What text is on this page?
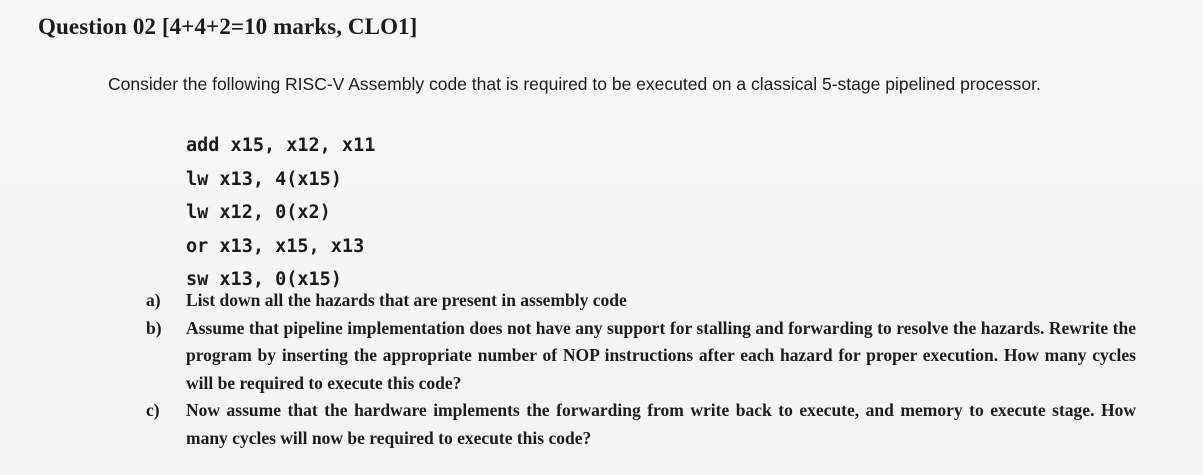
Question 02 [4+4+2=10 marks, CLO1]
Consider the following RISC-V Assembly code that is required to be executed on a classical 5-stage pipelined processor.
add x15, x12, x11
lw x13, 4(x15)
lw x12, 0(x2)
or x13, x15, x13
sw x13, 0(x15)
a)	List down all the hazards that are present in assembly code
b)	Assume that pipeline implementation does not have any support for stalling and forwarding to resolve the hazards. Rewrite the program by inserting the appropriate number of NOP instructions after each hazard for proper execution. How many cycles will be required to execute this code?
c)	Now assume that the hardware implements the forwarding from write back to execute, and memory to execute stage. How many cycles will now be required to execute this code?
